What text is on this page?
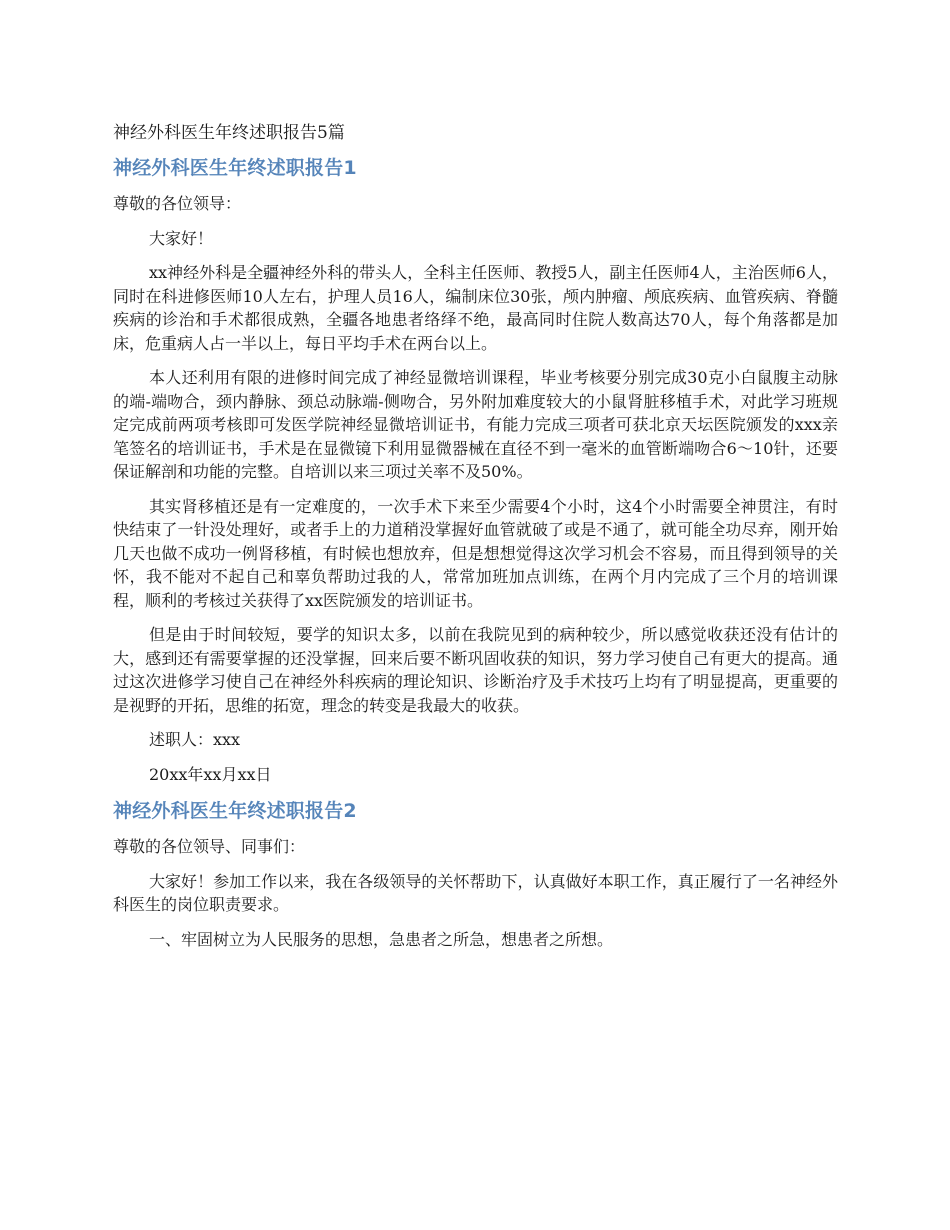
神经外科医生年终述职报告5篇
神经外科医生年终述职报告1

尊敬的各位领导：

大家好！

xx神经外科是全疆神经外科的带头人，全科主任医师、教授5人，副主任医师4人，主治医师6人，同时在科进修医师10人左右，护理人员16人，编制床位30张，颅内肿瘤、颅底疾病、血管疾病、脊髓疾病的诊治和手术都很成熟，全疆各地患者络绎不绝，最高同时住院人数高达70人，每个角落都是加床，危重病人占一半以上，每日平均手术在两台以上。

本人还利用有限的进修时间完成了神经显微培训课程，毕业考核要分别完成30克小白鼠腹主动脉的端-端吻合，颈内静脉、颈总动脉端-侧吻合，另外附加难度较大的小鼠肾脏移植手术，对此学习班规定完成前两项考核即可发医学院神经显微培训证书，有能力完成三项者可获北京天坛医院颁发的xxx亲笔签名的培训证书，手术是在显微镜下利用显微器械在直径不到一毫米的血管断端吻合6～10针，还要保证解剖和功能的完整。自培训以来三项过关率不及50%。

其实肾移植还是有一定难度的，一次手术下来至少需要4个小时，这4个小时需要全神贯注，有时快结束了一针没处理好，或者手上的力道稍没掌握好血管就破了或是不通了，就可能全功尽弃，刚开始几天也做不成功一例肾移植，有时候也想放弃，但是想想觉得这次学习机会不容易，而且得到领导的关怀，我不能对不起自己和辜负帮助过我的人，常常加班加点训练，在两个月内完成了三个月的培训课程，顺利的考核过关获得了xx医院颁发的培训证书。

但是由于时间较短，要学的知识太多，以前在我院见到的病种较少，所以感觉收获还没有估计的大，感到还有需要掌握的还没掌握，回来后要不断巩固收获的知识，努力学习使自己有更大的提高。通过这次进修学习使自己在神经外科疾病的理论知识、诊断治疗及手术技巧上均有了明显提高，更重要的是视野的开拓，思维的拓宽，理念的转变是我最大的收获。

述职人：xxx

20xx年xx月xx日

神经外科医生年终述职报告2

尊敬的各位领导、同事们：

大家好！参加工作以来，我在各级领导的关怀帮助下，认真做好本职工作，真正履行了一名神经外科医生的岗位职责要求。

一、牢固树立为人民服务的思想，急患者之所急，想患者之所想。
